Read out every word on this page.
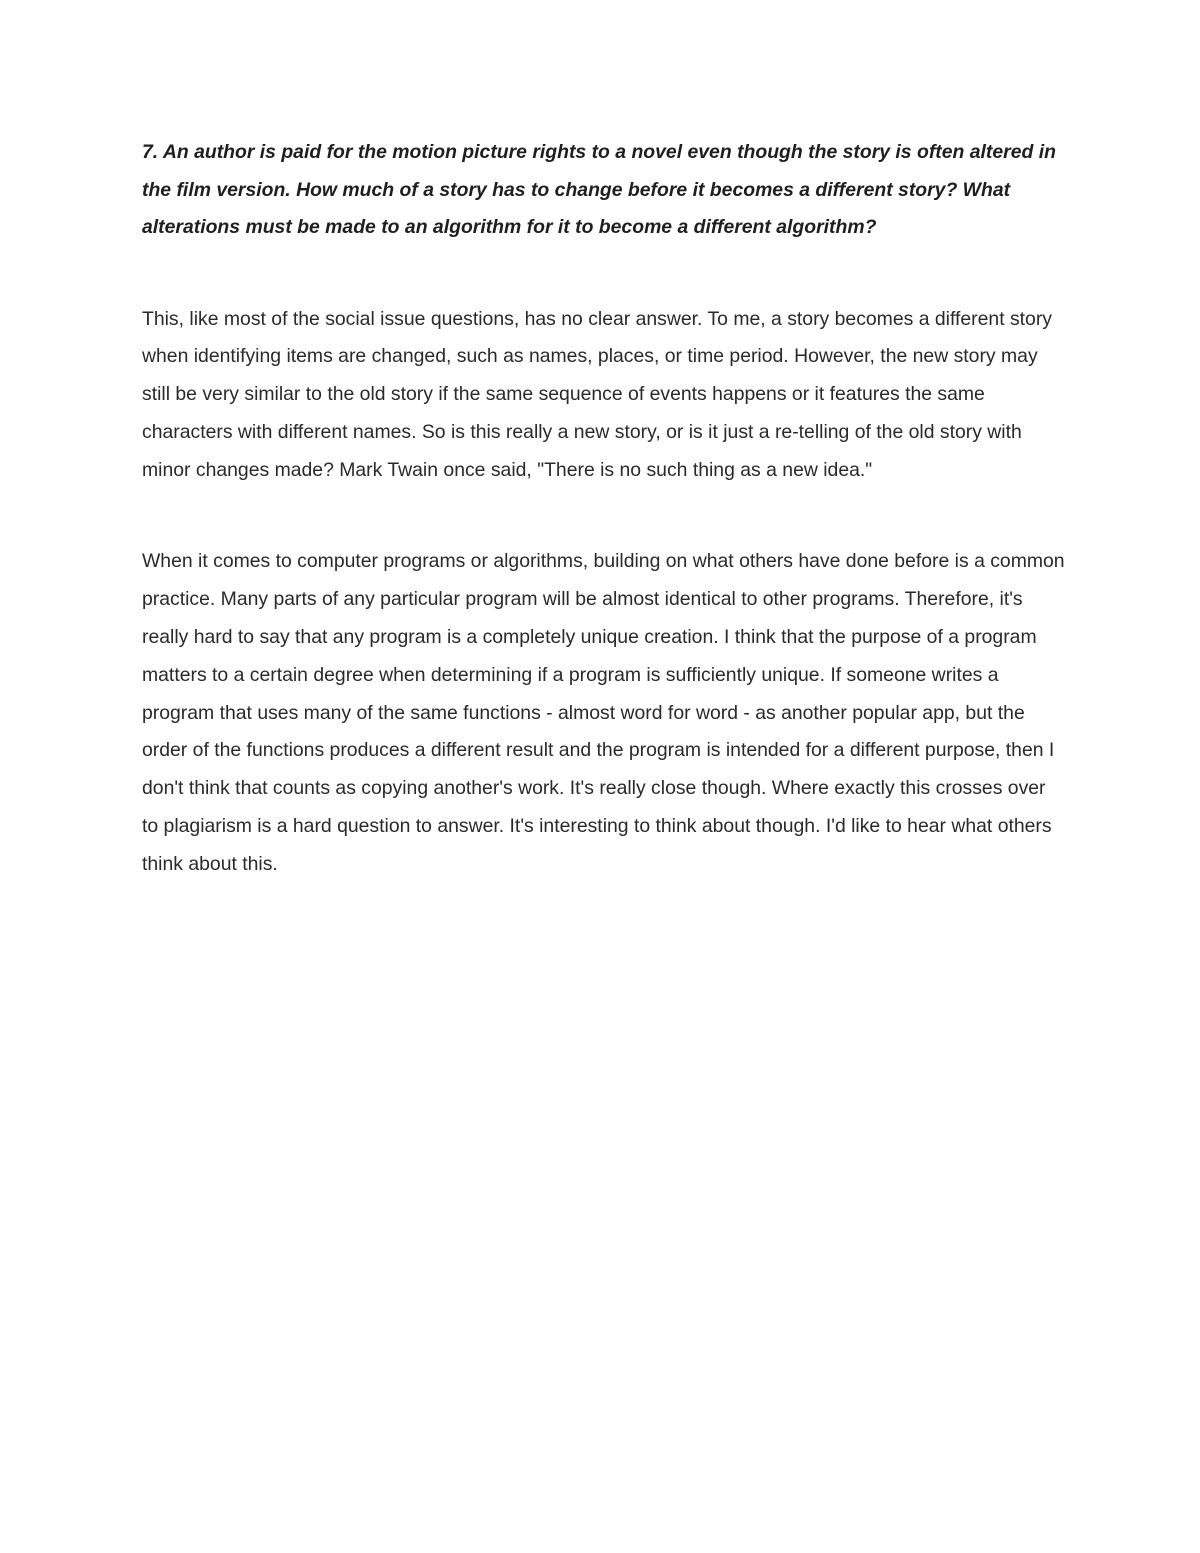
7. An author is paid for the motion picture rights to a novel even though the story is often altered in the film version. How much of a story has to change before it becomes a different story? What alterations must be made to an algorithm for it to become a different algorithm?

This, like most of the social issue questions, has no clear answer. To me, a story becomes a different story when identifying items are changed, such as names, places, or time period. However, the new story may still be very similar to the old story if the same sequence of events happens or it features the same characters with different names. So is this really a new story, or is it just a re-telling of the old story with minor changes made? Mark Twain once said, "There is no such thing as a new idea."

When it comes to computer programs or algorithms, building on what others have done before is a common practice. Many parts of any particular program will be almost identical to other programs. Therefore, it's really hard to say that any program is a completely unique creation. I think that the purpose of a program matters to a certain degree when determining if a program is sufficiently unique. If someone writes a program that uses many of the same functions - almost word for word - as another popular app, but the order of the functions produces a different result and the program is intended for a different purpose, then I don't think that counts as copying another's work. It's really close though. Where exactly this crosses over to plagiarism is a hard question to answer. It's interesting to think about though. I'd like to hear what others think about this.
